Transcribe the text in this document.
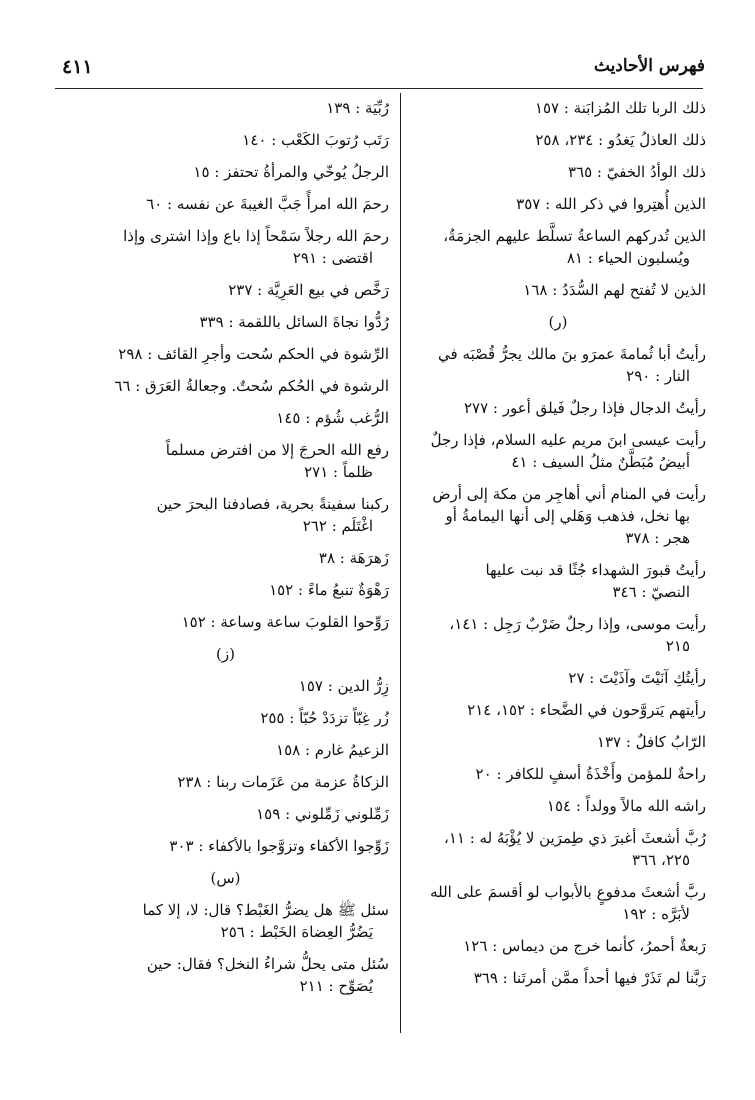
فهرس الأحاديث
٤١١
ذلك الربا تلك المُزابَنة : ١٥٧
ذلك العاذلُ يَغدُو : ٢٣٤، ٢٥٨
ذلك الوأدُ الخفيّ : ٣٦٥
الذين أُهتِروا في ذكر الله : ٣٥٧
الذين تُدركهم الساعةُ تسلَّط عليهم الجزمَةُ،
ويُسلبون الحياء : ٨١
الذين لا تُفتح لهم السُّدَدُ : ١٦٨
(ر)
رأيتُ أبا ثُمامةَ عمرَو بنَ مالك يجرُّ قُصْبَه في
النار : ٢٩٠
رأيتُ الدجال فإذا رجلٌ فَيلق أعور : ٢٧٧
رأيت عيسى ابنَ مريم عليه السلام، فإذا رجلٌ
أبيضُ مُبَطَّنٌ مثلُ السيف : ٤١
رأيت في المنام أني أهاجِر من مكة إلى أرض
بها نخل، فذهب وَهَلي إلى أنها اليمامةُ أو
هجر : ٣٧٨
رأيتُ قبورَ الشهداء جُثًا قد نبت عليها
النصيّ : ٣٤٦
رأيت موسى، وإذا رجلٌ ضَرْبٌ رَجِل : ١٤١،
٢١٥
رأيتُكِ آنَيْتَ وآذَيْتَ : ٢٧
رأيتهم يَتروَّحون في الضَّحاء : ١٥٢، ٢١٤
الرّابُ كافلٌ : ١٣٧
راحةٌ للمؤمن وأَخْذَةُ أسفٍ للكافر : ٢٠
راشه الله مالاً وولداً : ١٥٤
رُبَّ أشعثَ أغبرَ ذي طِمرَين لا يُؤْبَهُ له : ١١،
٢٢٥، ٣٦٦
ربَّ أشعثَ مدفوعٍ بالأبواب لو أقسمَ على الله
لأبَرَّه : ١٩٢
رَبعةٌ أحمرُ، كأنما خرج من ديماس : ١٢٦
رَبَّنا لم تَذَرْ فيها أحداً ممَّن أمرتَنا : ٣٦٩
رُبِّيَة : ١٣٩
رَتَب رُتوبَ الكَعْب : ١٤٠
الرجلُ يُوخّي والمرأةُ تحتفز : ١٥
رحمَ الله امرأً جَبَّ الغيبةَ عن نفسه : ٦٠
رحمَ الله رجلاً سَمْحاً إذا باع وإذا اشترى وإذا
اقتضى : ٢٩١
رَخَّص في بيع العَرِيَّة : ٢٣٧
رُدُّوا نجاةَ السائل باللقمة : ٣٣٩
الرِّشوة في الحكم سُحت وأجرِ القائف : ٢٩٨
الرشوة في الحُكم سُحتٌ. وجعالةُ العَرَق : ٦٦
الرُّغب شُؤم : ١٤٥
رفع الله الحرجَ إلا من افترض مسلماً
ظلماً : ٢٧١
ركبنا سفينةً بحرية، فصادفنا البحرَ حين
اغْتَلَم : ٢٦٢
زَهرَهَة : ٣٨
رَهْوَةٌ تنبعُ ماءً : ١٥٢
رَوِّحوا القلوبَ ساعة وساعة : ١٥٢
(ز)
زِرُّ الدين : ١٥٧
زُر غِبّاً تزدَدْ حُبّاً : ٢٥٥
الزعيمُ غارم : ١٥٨
الزكاةُ عزمة من عَزَمات ربنا : ٢٣٨
زَمِّلوني زَمِّلوني : ١٥٩
زَوِّجوا الأكفاء وتزوَّجوا بالأكفاء : ٣٠٣
(س)
سئل ﷺ هل يضرُّ الغَبْط؟ قال: لا، إلا كما
يَضُرُّ العِضاهَ الخَبْط : ٢٥٦
سُئل متى يحلُّ شراءُ النخل؟ فقال: حين
يُصَوِّح : ٢١١
